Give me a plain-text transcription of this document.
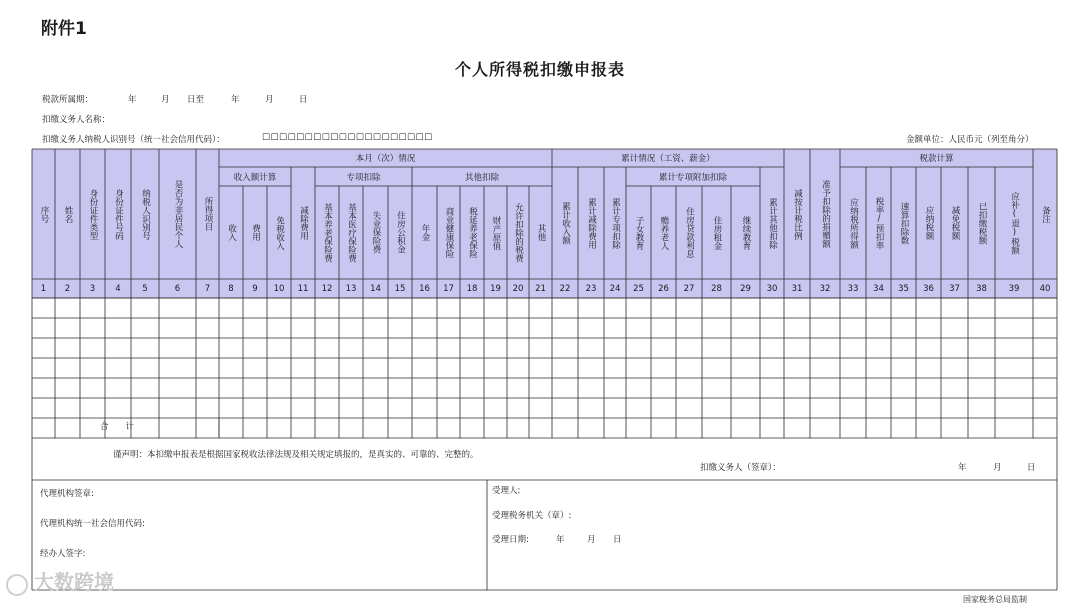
附件1
个人所得税扣缴申报表
税款所属期：	年	月 日至	年	月	日
扣缴义务人名称：
扣缴义务人纳税人识别号（统一社会信用代码）：	□□□□□□□□□□□□□□□□□□□□	金额单位：人民币元（列至角分）
本月（次）情况
收入额计算	专项扣除	其他扣除
累计情况（工资、薪金）
累计专项附加扣除
税款计算
序号	姓名	身份证件类型	身份证件号码	纳税人识别号	是否为非居民个人	所得项目
收入	费用	免税收入	减除费用	基本养老保险费	基本医疗保险费	失业保险费	住房公积金	年金	商业健康保险	税延养老保险	财产原值	允许扣除的税费	其他	累计收入额	累计减除费用	累计专项扣除	子女教育	赡养老人	住房贷款利息	住房租金	继续教育	累计其他扣除	减按计税比例	准予扣除的捐赠额	应纳税所得额	税率/预扣率	速算扣除数	应纳税额	减免税额	已扣缴税额	应补(退)税额	备注
1	2	3	4	5	6	7	8	9	10	11	12	13	14	15	16	17	18	19	20	21	22	23	24	25	26	27	28	29	30	31	32	33	34	35	36	37	38	39	40
合　　计
谨声明：本扣缴申报表是根据国家税收法律法规及相关规定填报的，是真实的、可靠的、完整的。
扣缴义务人（签章）：	年	月	日
代理机构签章:
代理机构统一社会信用代码:
经办人签字:
受理人:
受理税务机关（章）:
受理日期:	年	月 日
国家税务总局监制
大数跨境
